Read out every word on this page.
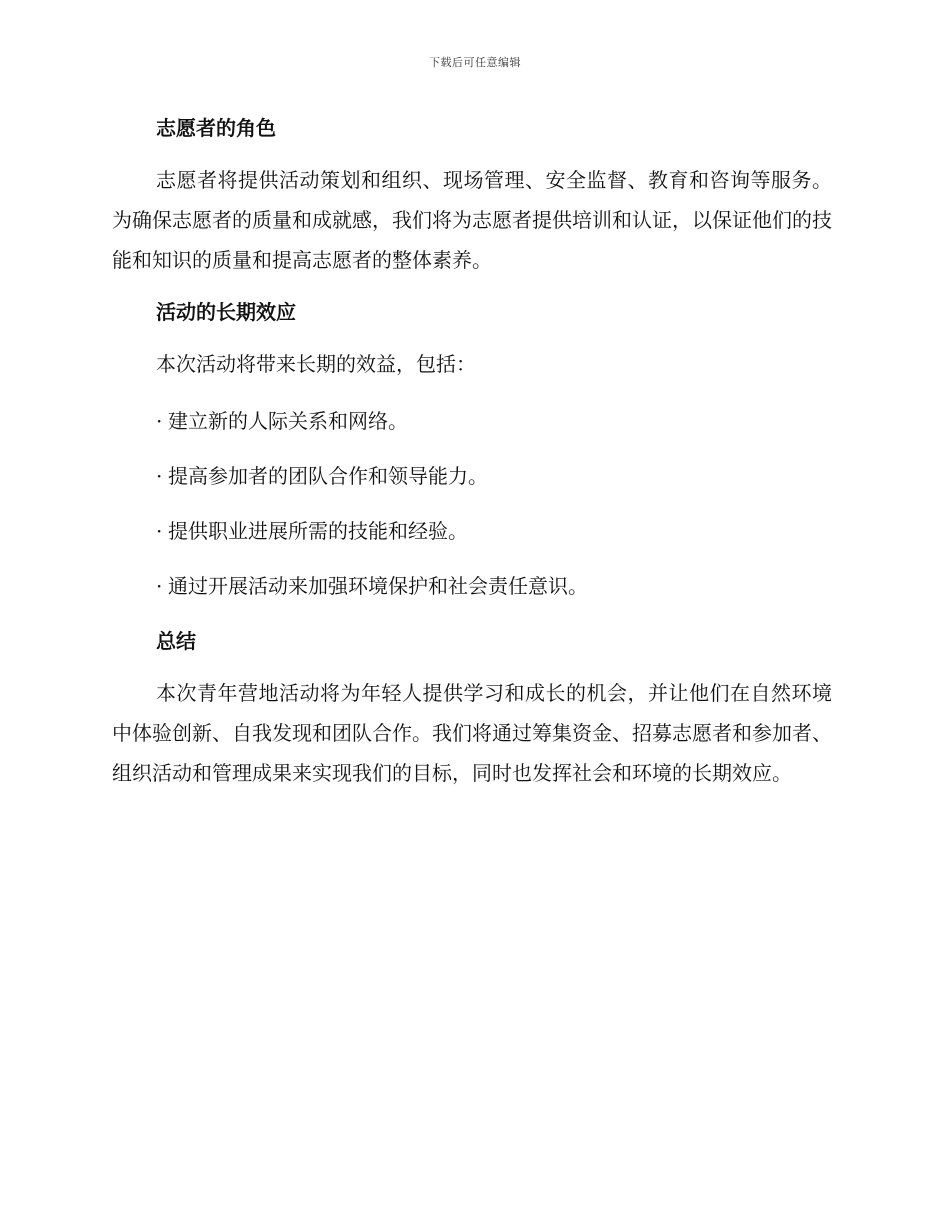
下载后可任意编辑
志愿者的角色

志愿者将提供活动策划和组织、现场管理、安全监督、教育和咨询等服务。为确保志愿者的质量和成就感，我们将为志愿者提供培训和认证，以保证他们的技能和知识的质量和提高志愿者的整体素养。

活动的长期效应

本次活动将带来长期的效益，包括：

· 建立新的人际关系和网络。
· 提高参加者的团队合作和领导能力。
· 提供职业进展所需的技能和经验。
· 通过开展活动来加强环境保护和社会责任意识。
总结

本次青年营地活动将为年轻人提供学习和成长的机会，并让他们在自然环境中体验创新、自我发现和团队合作。我们将通过筹集资金、招募志愿者和参加者、组织活动和管理成果来实现我们的目标，同时也发挥社会和环境的长期效应。
